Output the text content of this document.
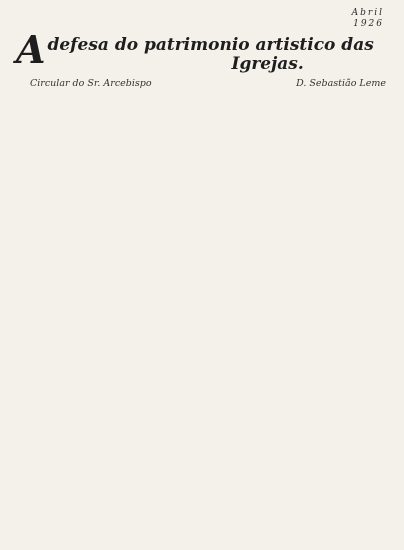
Abril
1926
A defesa do patrimonio artistico das
Igrejas.
Circular do Sr. Arcebispo	D. Sebastião Leme
